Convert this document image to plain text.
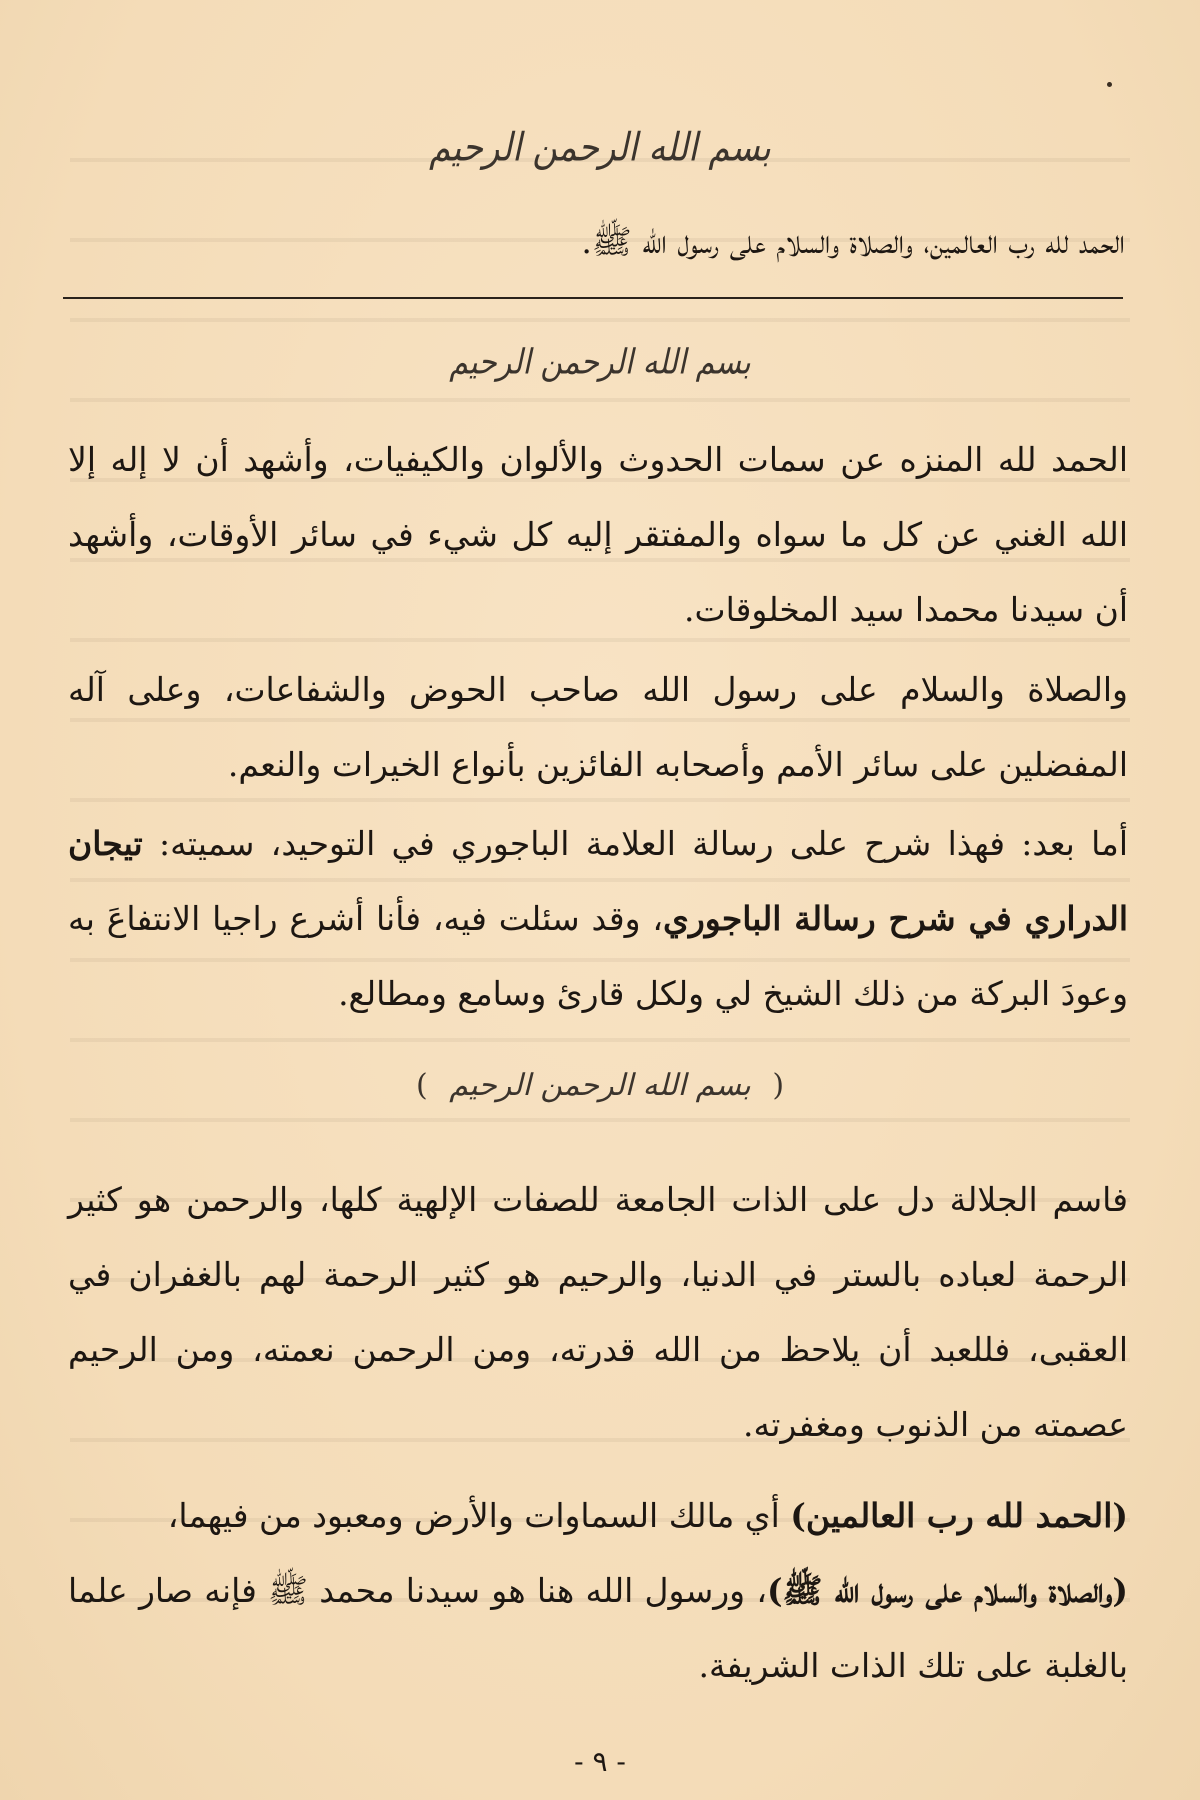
بسم الله الرحمن الرحيم
الحمد لله رب العالمين، والصلاة والسلام على رسول الله ﷺ.
بسم الله الرحمن الرحيم

الحمد لله المنزه عن سمات الحدوث والألوان والكيفيات، وأشهد أن لا إله إلا الله الغني عن كل ما سواه والمفتقر إليه كل شيء في سائر الأوقات، وأشهد أن سيدنا محمدا سيد المخلوقات.

والصلاة والسلام على رسول الله صاحب الحوض والشفاعات، وعلى آله المفضلين على سائر الأمم وأصحابه الفائزين بأنواع الخيرات والنعم.

أما بعد: فهذا شرح على رسالة العلامة الباجوري في التوحيد، سميته: تيجان الدراري في شرح رسالة الباجوري، وقد سئلت فيه، فأنا أشرع راجيا الانتفاعَ به وعودَ البركة من ذلك الشيخ لي ولكل قارئ وسامع ومطالع.

( بسم الله الرحمن الرحيم )

فاسم الجلالة دل على الذات الجامعة للصفات الإلهية كلها، والرحمن هو كثير الرحمة لعباده بالستر في الدنيا، والرحيم هو كثير الرحمة لهم بالغفران في العقبى، فللعبد أن يلاحظ من الله قدرته، ومن الرحمن نعمته، ومن الرحيم عصمته من الذنوب ومغفرته.

(الحمد لله رب العالمين) أي مالك السماوات والأرض ومعبود من فيهما،
(والصلاة والسلام على رسول الله ﷺ)، ورسول الله هنا هو سيدنا محمد ﷺ فإنه صار علما بالغلبة على تلك الذات الشريفة.

- ٩ -
